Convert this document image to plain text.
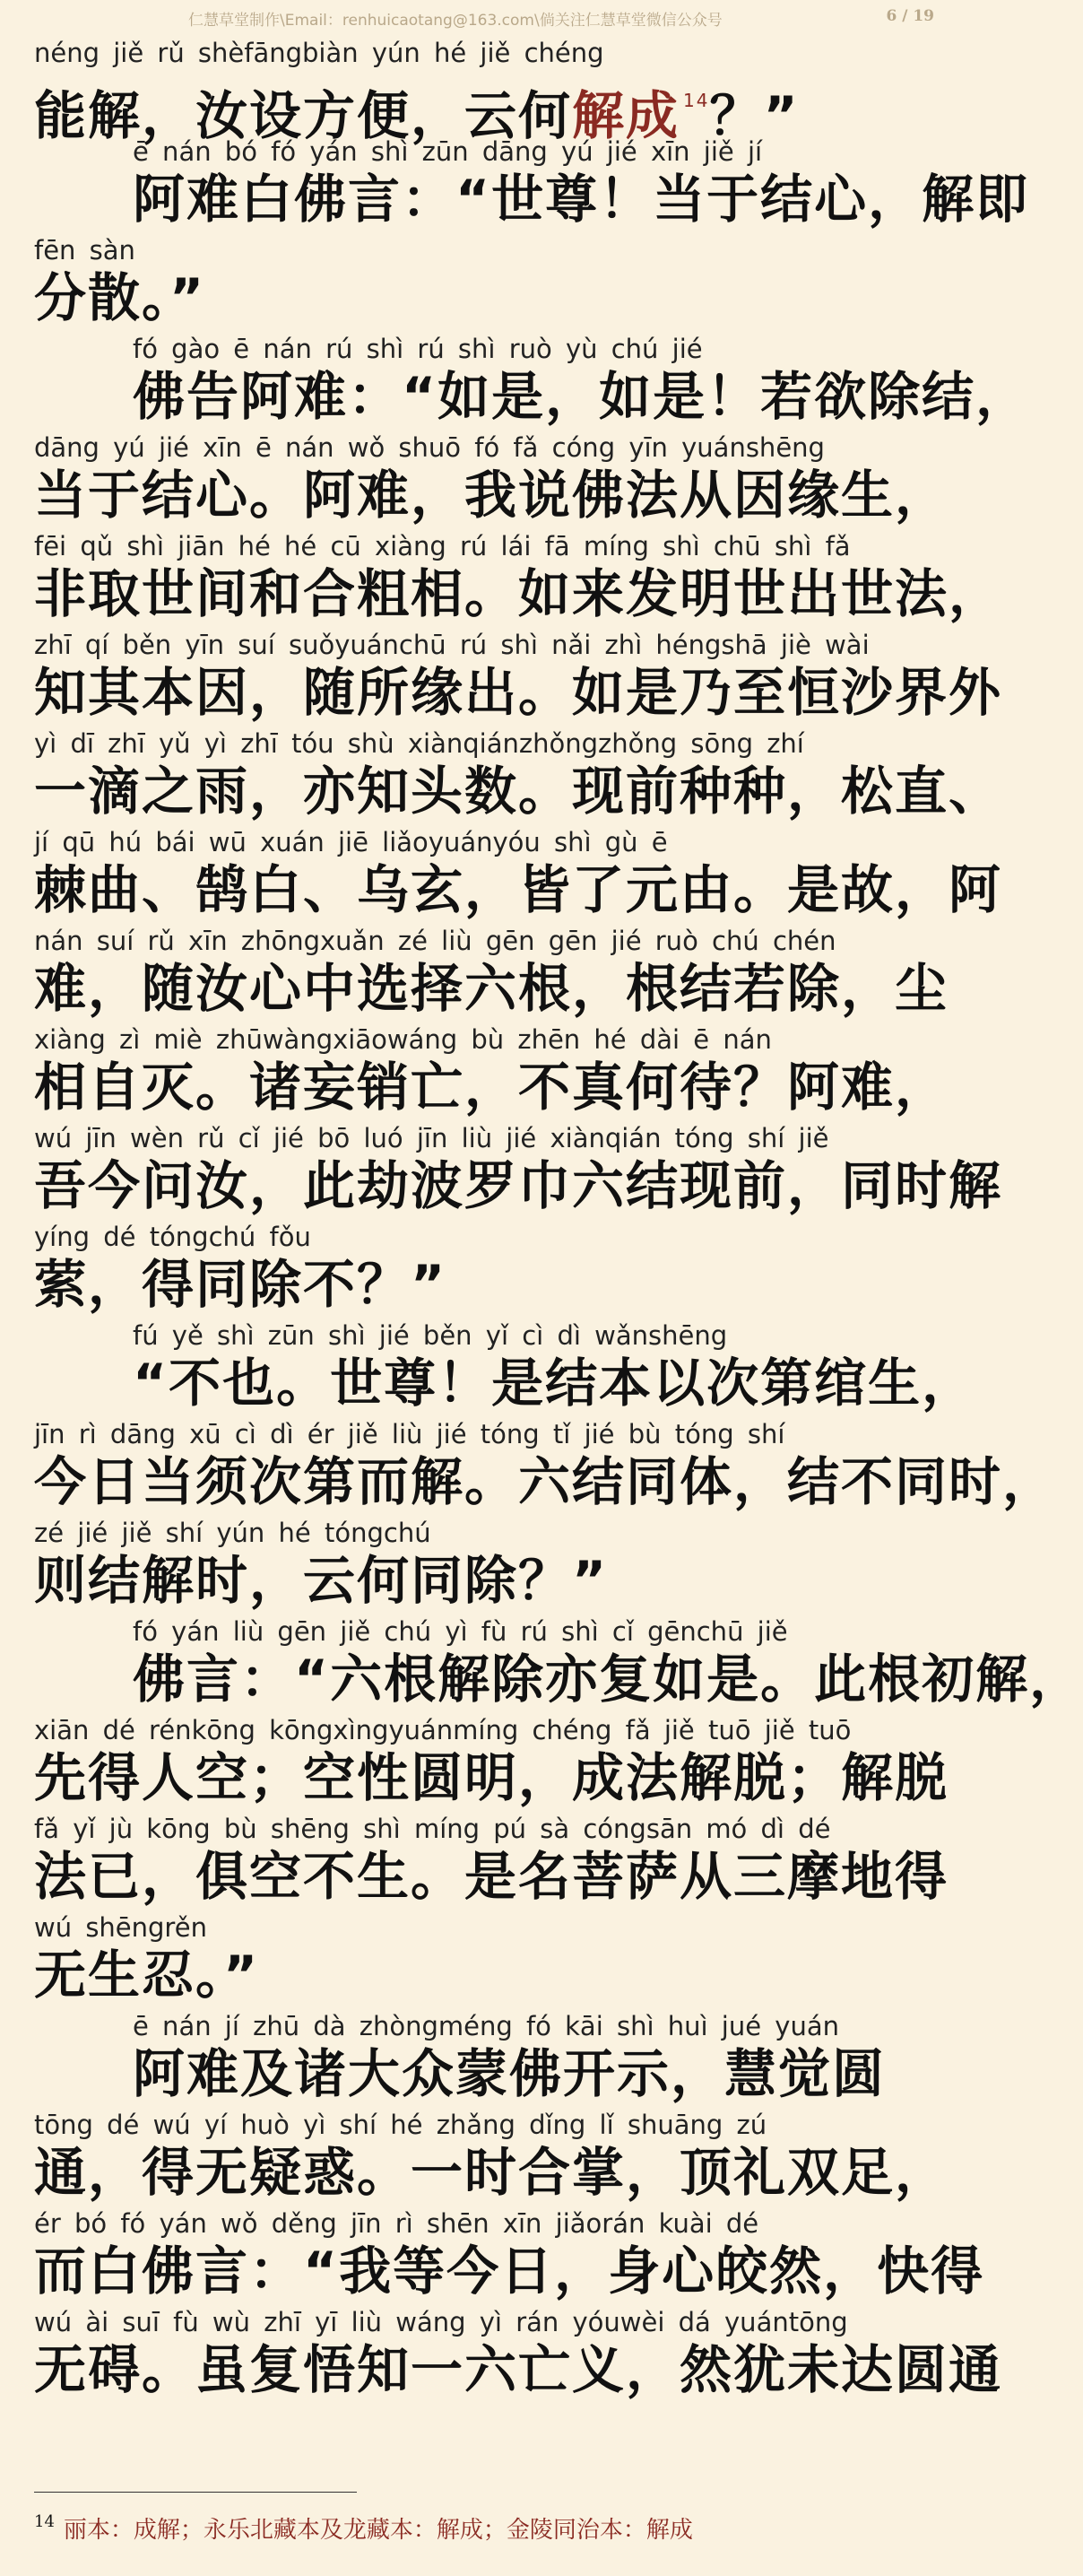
仁慧草堂制作\Email：renhuicaotang@163.com\倘关注仁慧草堂微信公众号	6 / 19
néng jiě rǔ shèfāngbiàn yún hé jiě chéng
能解，汝设方便，云何解成 $^{14}$？”
ē nán bó fó yán shì zūn dāng yú jié xīn jiě jí
阿难白佛言：“世尊！当于结心，解即
fēn sàn
分散。”
fó gào ē nán rú shì rú shì ruò yù chú jié
佛告阿难：“如是，如是！若欲除结，
dāng yú jié xīn ē nán wǒ shuō fó fǎ cóng yīn yuánshēng
当于结心。阿难，我说佛法从因缘生，
fēi qǔ shì jiān hé hé cū xiàng rú lái fā míng shì chū shì fǎ
非取世间和合粗相。如来发明世出世法，
zhī qí běn yīn suí suǒyuánchū rú shì nǎi zhì héngshā jiè wài
知其本因，随所缘出。如是乃至恒沙界外
yì dī zhī yǔ yì zhī tóu shù xiànqiánzhǒngzhǒng sōng zhí
一滴之雨，亦知头数。现前种种，松直、
jí qū hú bái wū xuán jiē liǎoyuányóu shì gù ē
棘曲、鹄白、乌玄，皆了元由。是故，阿
nán suí rǔ xīn zhōngxuǎn zé liù gēn gēn jié ruò chú chén
难，随汝心中选择六根，根结若除，尘
xiàng zì miè zhūwàngxiāowáng bù zhēn hé dài ē nán
相自灭。诸妄销亡，不真何待？阿难，
wú jīn wèn rǔ cǐ jié bō luó jīn liù jié xiànqián tóng shí jiě
吾今问汝，此劫波罗巾六结现前，同时解
yíng dé tóngchú fǒu
萦，得同除不？”
fú yě shì zūn shì jié běn yǐ cì dì wǎnshēng
“不也。世尊！是结本以次第绾生，
jīn rì dāng xū cì dì ér jiě liù jié tóng tǐ jié bù tóng shí
今日当须次第而解。六结同体，结不同时，
zé jié jiě shí yún hé tóngchú
则结解时，云何同除？”
fó yán liù gēn jiě chú yì fù rú shì cǐ gēnchū jiě
佛言：“六根解除亦复如是。此根初解，
xiān dé rénkōng kōngxìngyuánmíng chéng fǎ jiě tuō jiě tuō
先得人空；空性圆明，成法解脱；解脱
fǎ yǐ jù kōng bù shēng shì míng pú sà cóngsān mó dì dé
法已，俱空不生。是名菩萨从三摩地得
wú shēngrěn
无生忍。”
ē nán jí zhū dà zhòngméng fó kāi shì huì jué yuán
阿难及诸大众蒙佛开示，慧觉圆
tōng dé wú yí huò yì shí hé zhǎng dǐng lǐ shuāng zú
通，得无疑惑。一时合掌，顶礼双足，
ér bó fó yán wǒ děng jīn rì shēn xīn jiǎorán kuài dé
而白佛言：“我等今日，身心皎然，快得
wú ài suī fù wù zhī yī liù wáng yì rán yóuwèi dá yuántōng
无碍。虽复悟知一六亡义，然犹未达圆通
$^{14}$ 丽本：成解；永乐北藏本及龙藏本：解成；金陵同治本：解成
